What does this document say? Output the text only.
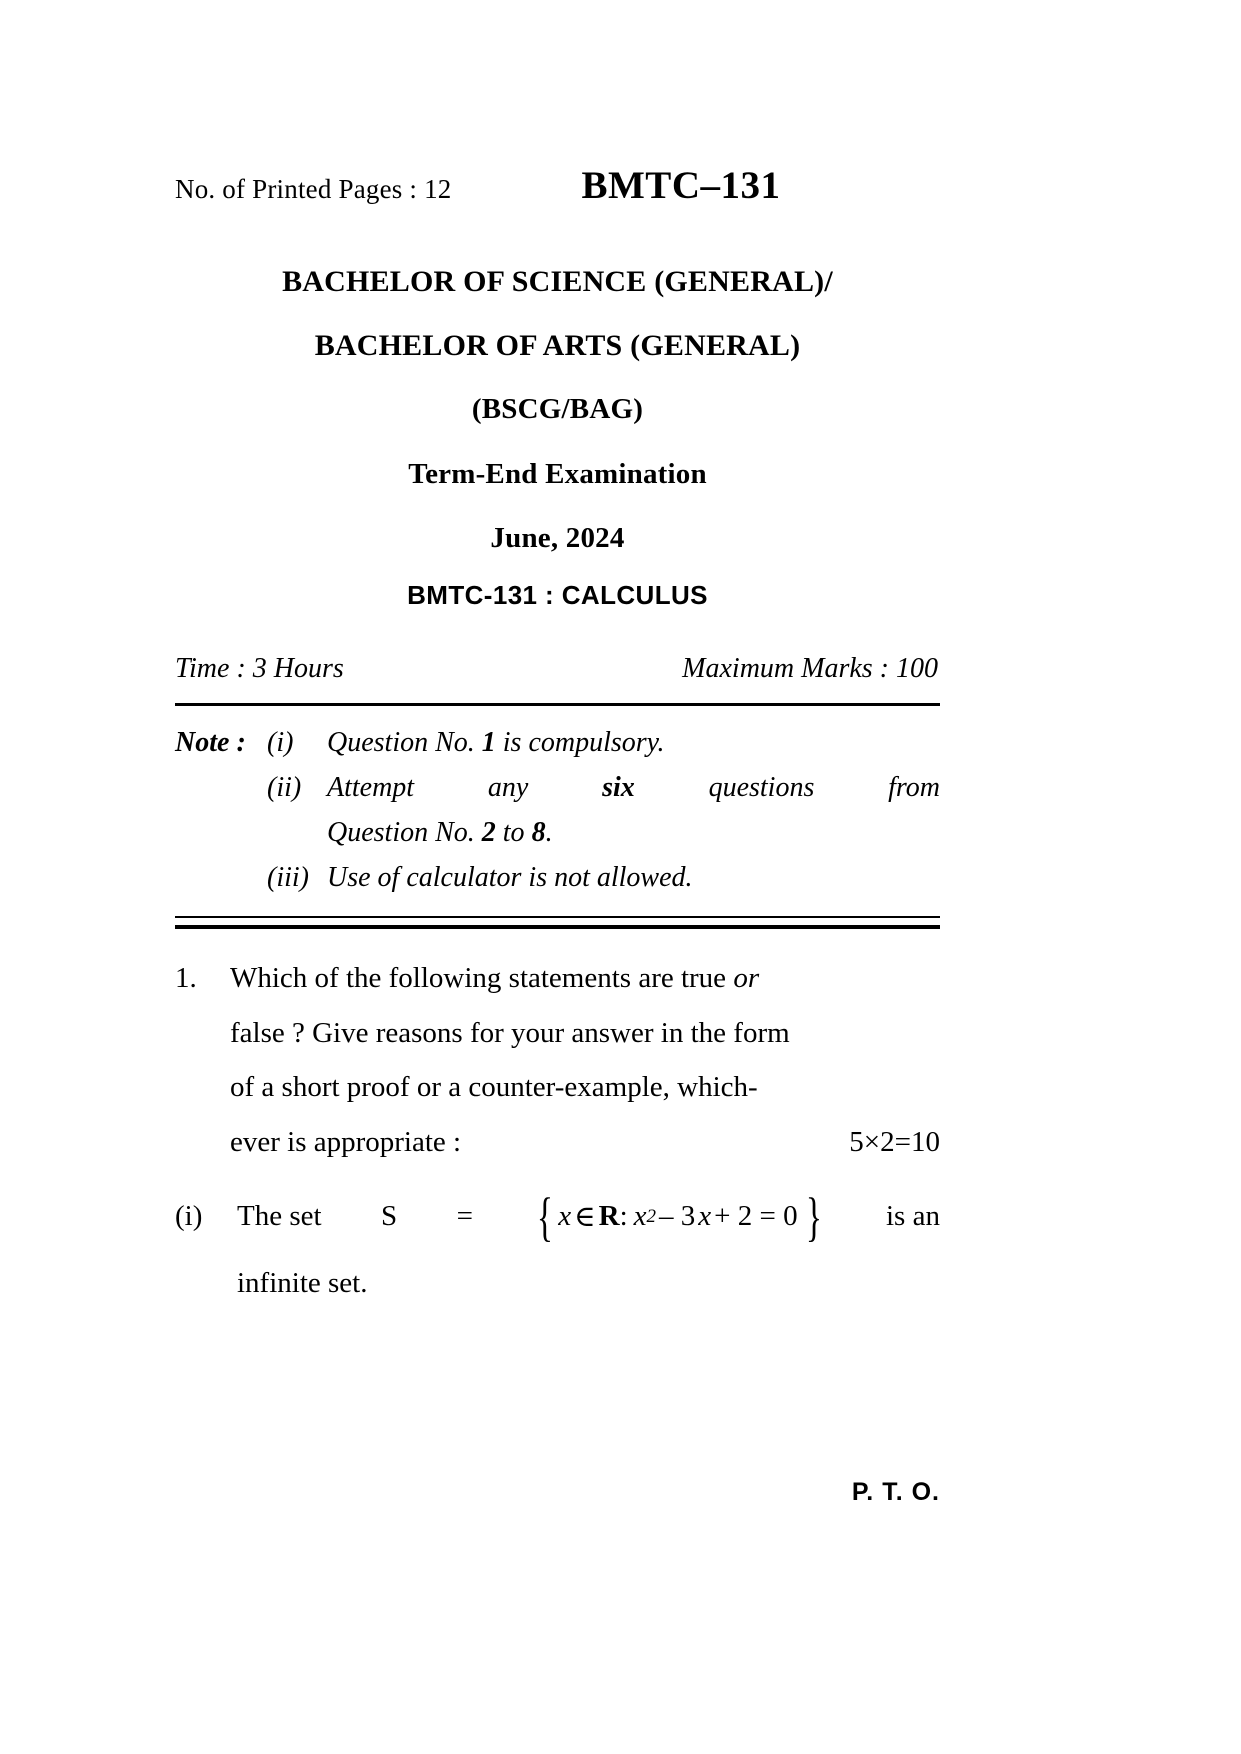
No. of Printed Pages : 12	BMTC–131
BACHELOR OF SCIENCE (GENERAL)/
BACHELOR OF ARTS (GENERAL)
(BSCG/BAG)
Term-End Examination
June, 2024
BMTC-131 : CALCULUS
Time : 3 Hours	Maximum Marks : 100
Note : (i)	Question No. 1 is compulsory.
(ii) Attempt any six questions from
Question No. 2 to 8.
(iii) Use of calculator is not allowed.
1.	Which of the following statements are true or
false ? Give reasons for your answer in the form
of a short proof or a counter-example, which-
ever is appropriate :	5×2=10
(i)	The set S = { x ∈ R : x 2 – 3 x + 2 = 0 } is an
infinite set.
P. T. O.
